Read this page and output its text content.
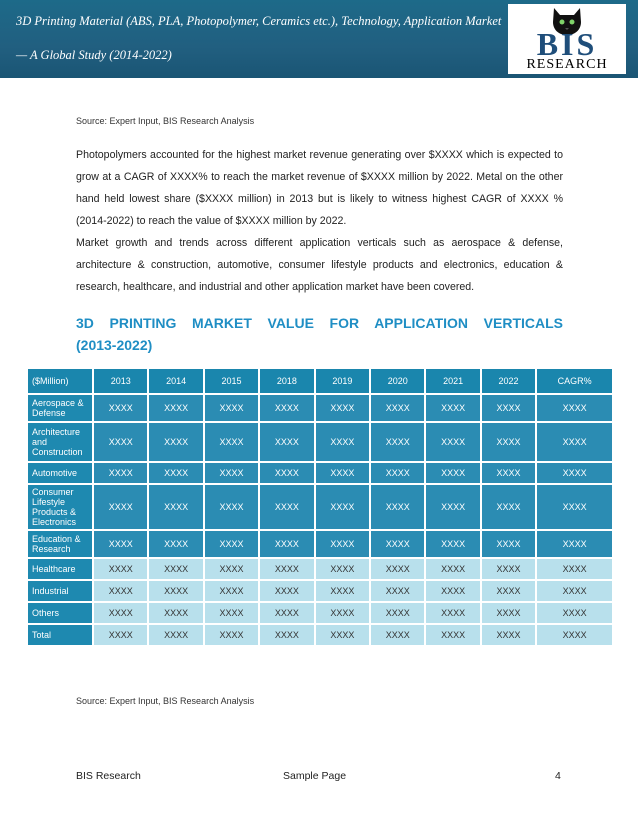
3D Printing Material (ABS, PLA, Photopolymer, Ceramics etc.), Technology, Application Market
— A Global Study (2014-2022)	BIS
RESEARCH
Source: Expert Input, BIS Research Analysis
Photopolymers accounted for the highest market revenue generating over $XXXX which is expected to grow at a CAGR of XXXX% to reach the market revenue of $XXXX million by 2022. Metal on the other hand held lowest share ($XXXX million) in 2013 but is likely to witness highest CAGR of XXXX % (2014-2022) to reach the value of $XXXX million by 2022.
Market growth and trends across different application verticals such as aerospace & defense, architecture & construction, automotive, consumer lifestyle products and electronics, education & research, healthcare, and industrial and other application market have been covered.
3D PRINTING MARKET VALUE FOR APPLICATION VERTICALS
(2013-2022)
($Million)	2013	2014	2015	2018	2019	2020	2021	2022	CAGR%
Aerospace & Defense	XXXX	XXXX	XXXX	XXXX	XXXX	XXXX	XXXX	XXXX	XXXX
Architecture and Construction	XXXX	XXXX	XXXX	XXXX	XXXX	XXXX	XXXX	XXXX	XXXX
Automotive	XXXX	XXXX	XXXX	XXXX	XXXX	XXXX	XXXX	XXXX	XXXX
Consumer Lifestyle Products & Electronics	XXXX	XXXX	XXXX	XXXX	XXXX	XXXX	XXXX	XXXX	XXXX
Education & Research	XXXX	XXXX	XXXX	XXXX	XXXX	XXXX	XXXX	XXXX	XXXX
Healthcare	XXXX	XXXX	XXXX	XXXX	XXXX	XXXX	XXXX	XXXX	XXXX
Industrial	XXXX	XXXX	XXXX	XXXX	XXXX	XXXX	XXXX	XXXX	XXXX
Others	XXXX	XXXX	XXXX	XXXX	XXXX	XXXX	XXXX	XXXX	XXXX
Total	XXXX	XXXX	XXXX	XXXX	XXXX	XXXX	XXXX	XXXX	XXXX
Source: Expert Input, BIS Research Analysis
BIS Research	Sample Page	4
